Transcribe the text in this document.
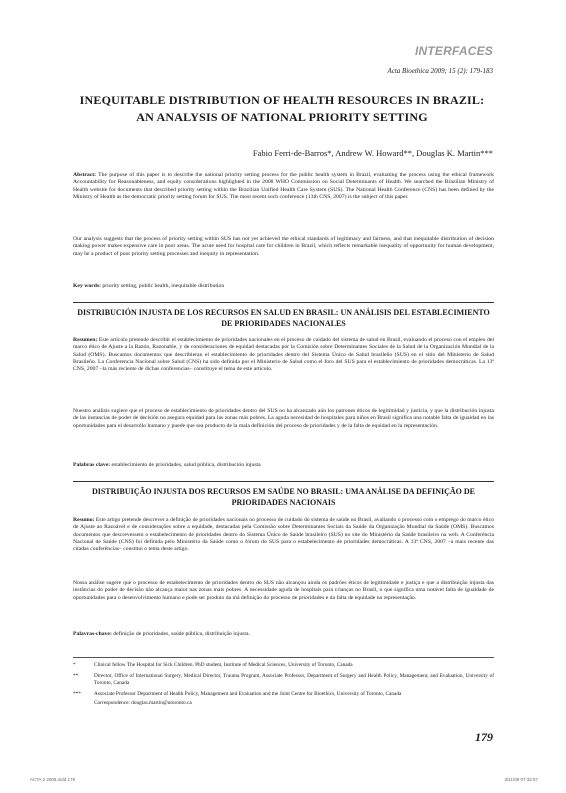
INTERFACES
Acta Bioethica 2009; 15 (2): 179-183
INEQUITABLE DISTRIBUTION OF HEALTH RESOURCES IN BRAZIL: AN ANALYSIS OF NATIONAL PRIORITY SETTING
Fabio Ferri-de-Barros*, Andrew W. Howard**, Douglas K. Martin***

Abstract: The purpose of this paper is to describe the national priority setting process for the public health system in Brazil, evaluating the process using the ethical framework Accountability for Reasonableness, and equity considerations highlighted in the 2008 WHO Commission on Social Determinants of Health. We searched the Brazilian Ministry of Health website for documents that described priority setting within the Brazilian Unified Health Care System (SUS). The National Health Conference (CNS) has been defined by the Ministry of Health as the democratic priority setting forum for SUS. The most recent such conference (13th CNS, 2007) is the subject of this paper.

Our analysis suggests that the process of priority setting within SUS has not yet achieved the ethical standards of legitimacy and fairness, and that inequitable distribution of decision making power makes expensive care in poor areas. The acute need for hospital care for children in Brazil, which reflects remarkable inequality of opportunity for human development, may be a product of poor priority setting processes and inequity in representation.

Key words: priority setting, public health, inequitable distribution

DISTRIBUCIÓN INJUSTA DE LOS RECURSOS EN SALUD EN BRASIL: UN ANÁLISIS DEL ESTABLECIMIENTO DE PRIORIDADES NACIONALES

Resumen: Este artículo pretende describir el establecimiento de prioridades nacionales en el proceso de cuidado del sistema de salud en Brasil, evaluando el proceso con el empleo del marco ético de Ajuste a la Razón, Razonable, y de consideraciones de equidad destacadas por la Comisión sobre Determinantes Sociales de la Salud de la Organización Mundial de la Salud (OMS). Buscamos documentos que describieran el establecimiento de prioridades dentro del Sistema Único de Salud brasileño (SUS) en el sitio del Ministerio de Salud Brasileño. La Conferencia Nacional sobre Salud (CNS) ha sido definida por el Ministerio de Salud como el foro del SUS para el establecimiento de prioridades democráticas. La 13ª CNS, 2007 –la más reciente de dichas conferencias– constituye el tema de este artículo.

Nuestro análisis sugiere que el proceso de establecimiento de prioridades dentro del SUS no ha alcanzado aún los patrones éticos de legitimidad y justicia, y que la distribución injusta de las instancias de poder de decisión no asegura equidad para las zonas más pobres. La aguda necesidad de hospitales para niños en Brasil significa una notable falta de igualdad en las oportunidades para el desarrollo humano y puede que sea producto de la mala definición del proceso de prioridades y de la falta de equidad en la representación.

Palabras clave: establecimiento de prioridades, salud pública, distribución injusta

DISTRIBUIÇÃO INJUSTA DOS RECURSOS EM SAÚDE NO BRASIL: UMA ANÁLISE DA DEFINIÇÃO DE PRIORIDADES NACIONAIS

Resumo: Este artigo pretende descrever a definição de prioridades nacionais no processo de cuidado do sistema de saúde no Brasil, avaliando o processo com o emprego do marco ético de Ajuste ao Razoável e de considerações sobre a equidade, destacadas pela Comissão sobre Determinantes Sociais da Saúde da Organização Mundial da Saúde (OMS). Buscamos documentos que descrevessem o estabelecimento de prioridades dentro do Sistema Único de Saúde brasileiro (SUS) no site do Ministério da Saúde brasileiro na web. A Conferência Nacional de Saúde (CNS) foi definida pelo Ministério da Saúde como o fórum do SUS para o estabelecimento de prioridades democráticas. A 13ª CNS, 2007 –a mais recente das citadas conferências– constitui o tema deste artigo.

Nossa análise sugere que o processo de estabelecimento de prioridades dentro do SUS não alcançou ainda os padrões éticos de legitimidade e justiça e que a distribuição injusta das instâncias do poder de decisão não alcança maior nas zonas mais pobres. A necessidade aguda de hospitais para crianças no Brasil, o que significa uma notável falta de igualdade de oportunidades para o desenvolvimento humano e pode ser produto da má definição do processo de prioridades e da falta de equidade na representação.

Palavras-chave: definição de prioridades, saúde pública, distribuição injusta.

*	Clinical fellow The Hospital for Sick Children. PhD student, Institute of Medical Sciences, University of Toronto, Canada
**	Director, Office of International Surgery, Medical Director, Trauma Program, Associate Professor, Department of Surgery and Health Policy, Management, and Evaluation, University of Toronto, Canada
*** Associate Professor Department of Health Policy, Management and Evaluation and the Joint Centre for Bioethics, University of Toronto, Canada
Correspondence: douglas.martin@utoronto.ca
179
ACTA 2 2009.indd 179	3/11/09 07:32:57
